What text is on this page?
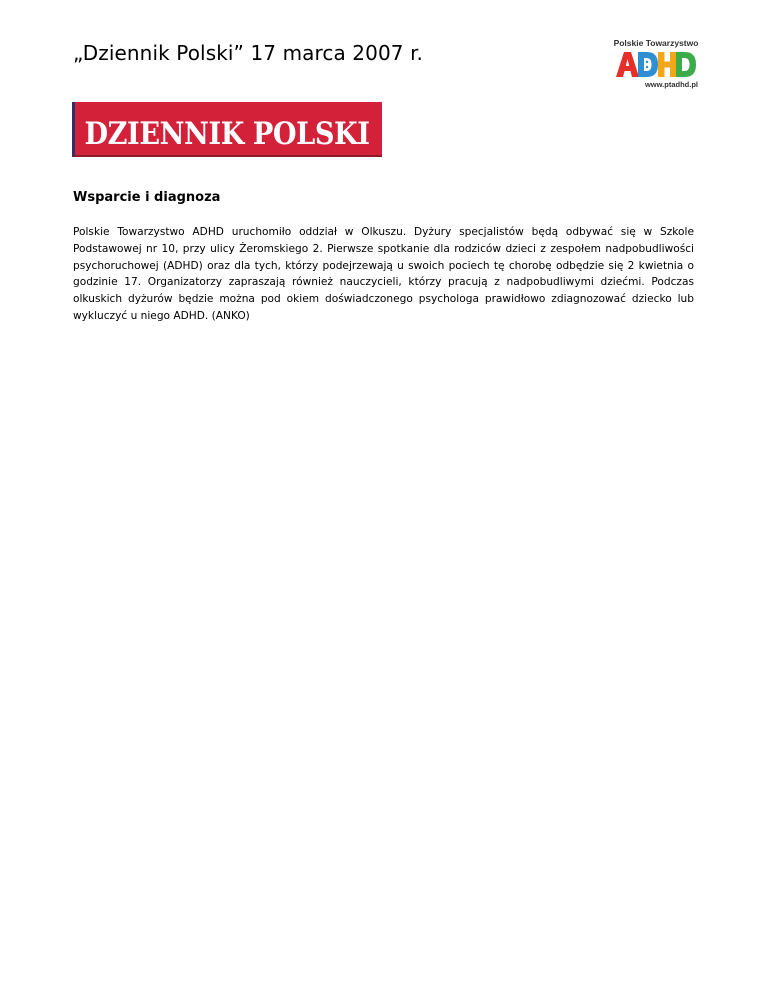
„Dziennik Polski” 17 marca 2007 r.	Polskie Towarzystwo
www.ptadhd.pl
DZIENNIK POLSKI
Wsparcie i diagnoza

Polskie Towarzystwo ADHD uruchomiło oddział w Olkuszu. Dyżury specjalistów będą odbywać się w Szkole Podstawowej nr 10, przy ulicy Żeromskiego 2. Pierwsze spotkanie dla rodziców dzieci z zespołem nadpobudliwości psychoruchowej (ADHD) oraz dla tych, którzy podejrzewają u swoich pociech tę chorobę odbędzie się 2 kwietnia o godzinie 17. Organizatorzy zapraszają również nauczycieli, którzy pracują z nadpobudliwymi dziećmi. Podczas olkuskich dyżurów będzie można pod okiem doświadczonego psychologa prawidłowo zdiagnozować dziecko lub wykluczyć u niego ADHD. (ANKO)
